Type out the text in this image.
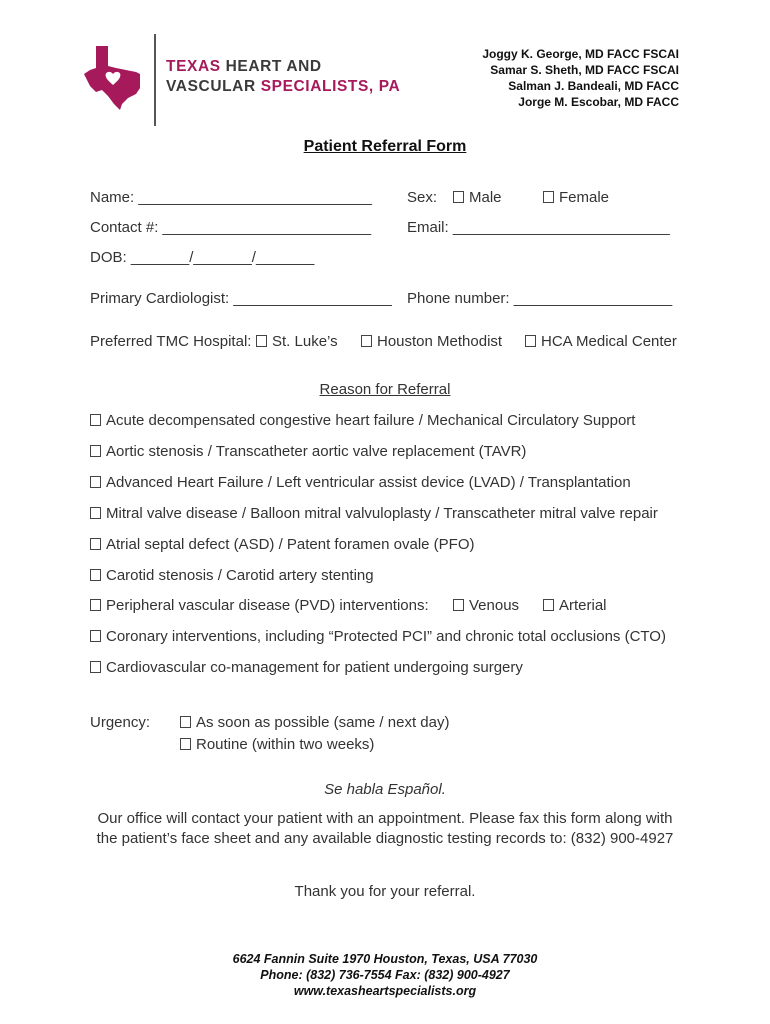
TEXAS HEART AND
VASCULAR SPECIALISTS, PA
Joggy K. George, MD FACC FSCAI
Samar S. Sheth, MD FACC FSCAI
Salman J. Bandeali, MD FACC
Jorge M. Escobar, MD FACC
Patient Referral Form
Name: ____________________________ Sex:	Male	Female
Contact #: _________________________ Email: __________________________
DOB: _______/_______/_______
Primary Cardiologist: ___________________ Phone number: ___________________
Preferred TMC Hospital:	St. Luke’s	Houston Methodist	HCA Medical Center
Reason for Referral
Acute decompensated congestive heart failure / Mechanical Circulatory Support
Aortic stenosis / Transcatheter aortic valve replacement (TAVR)
Advanced Heart Failure / Left ventricular assist device (LVAD) / Transplantation
Mitral valve disease / Balloon mitral valvuloplasty / Transcatheter mitral valve repair
Atrial septal defect (ASD) / Patent foramen ovale (PFO)
Carotid stenosis / Carotid artery stenting
Peripheral vascular disease (PVD) interventions:	Venous	Arterial
Coronary interventions, including “Protected PCI” and chronic total occlusions (CTO)
Cardiovascular co-management for patient undergoing surgery
Urgency:	As soon as possible (same / next day)
Routine (within two weeks)
Se habla Español.
Our office will contact your patient with an appointment. Please fax this form along with
the patient’s face sheet and any available diagnostic testing records to: (832) 900-4927
Thank you for your referral.
6624 Fannin Suite 1970 Houston, Texas, USA 77030
Phone: (832) 736-7554 Fax: (832) 900-4927
www.texasheartspecialists.org
